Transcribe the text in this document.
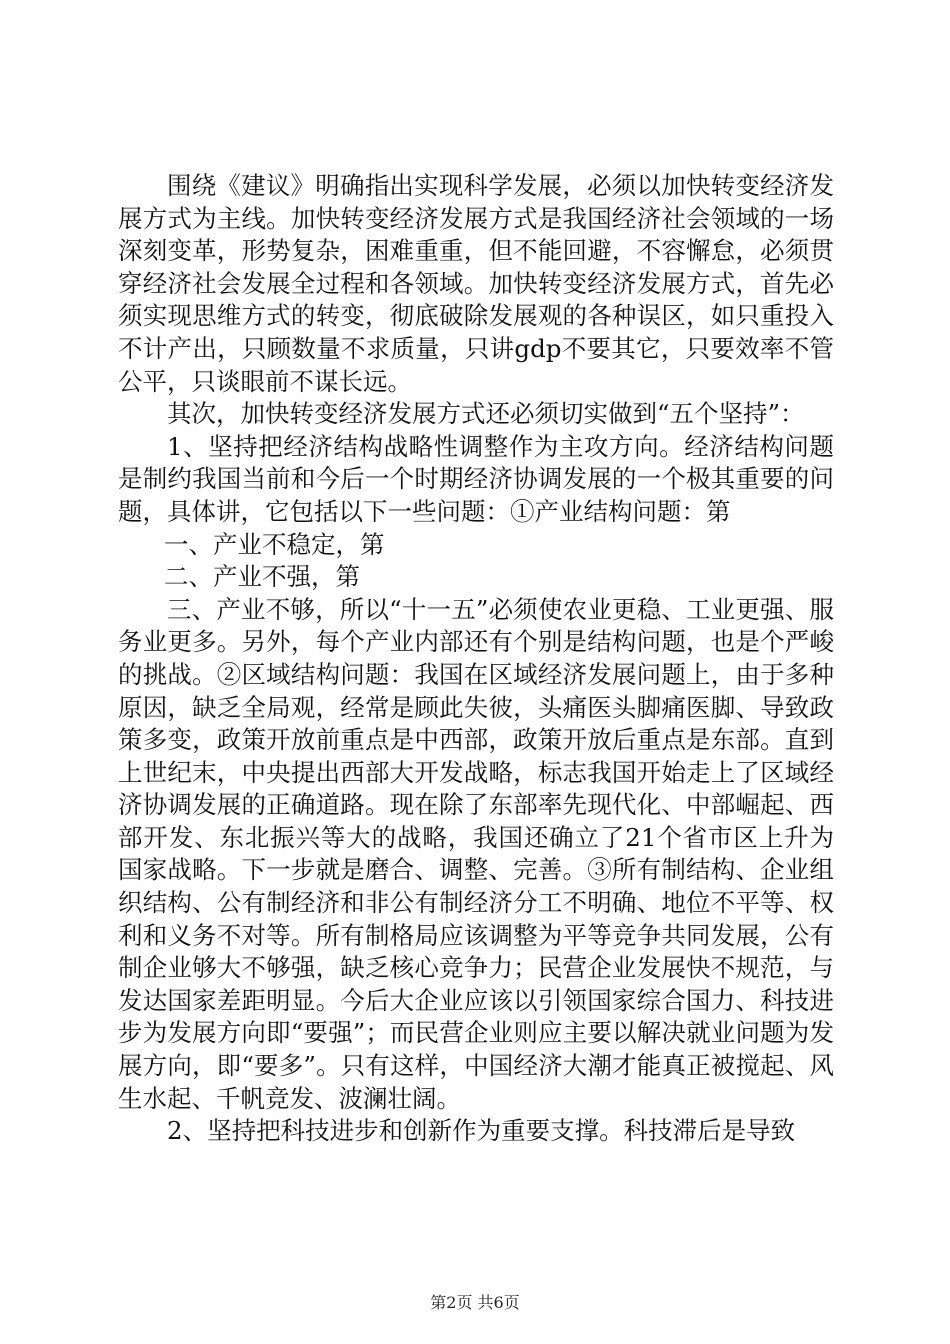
围绕《建议》明确指出实现科学发展，必须以加快转变经济发展方式为主线。加快转变经济发展方式是我国经济社会领域的一场深刻变革，形势复杂，困难重重，但不能回避，不容懈怠，必须贯穿经济社会发展全过程和各领域。加快转变经济发展方式，首先必须实现思维方式的转变，彻底破除发展观的各种误区，如只重投入不计产出，只顾数量不求质量，只讲gdp不要其它，只要效率不管公平，只谈眼前不谋长远。

其次，加快转变经济发展方式还必须切实做到“五个坚持”：

1、坚持把经济结构战略性调整作为主攻方向。经济结构问题是制约我国当前和今后一个时期经济协调发展的一个极其重要的问题，具体讲，它包括以下一些问题：①产业结构问题：第

一、产业不稳定，第

二、产业不强，第

三、产业不够，所以“十一五”必须使农业更稳、工业更强、服务业更多。另外，每个产业内部还有个别是结构问题，也是个严峻的挑战。②区域结构问题：我国在区域经济发展问题上，由于多种原因，缺乏全局观，经常是顾此失彼，头痛医头脚痛医脚、导致政策多变，政策开放前重点是中西部，政策开放后重点是东部。直到上世纪末，中央提出西部大开发战略，标志我国开始走上了区域经济协调发展的正确道路。现在除了东部率先现代化、中部崛起、西部开发、东北振兴等大的战略，我国还确立了21个省市区上升为国家战略。下一步就是磨合、调整、完善。③所有制结构、企业组织结构、公有制经济和非公有制经济分工不明确、地位不平等、权利和义务不对等。所有制格局应该调整为平等竞争共同发展，公有制企业够大不够强，缺乏核心竞争力；民营企业发展快不规范，与发达国家差距明显。今后大企业应该以引领国家综合国力、科技进步为发展方向即“要强”；而民营企业则应主要以解决就业问题为发展方向，即“要多”。只有这样，中国经济大潮才能真正被搅起、风生水起、千帆竞发、波澜壮阔。

2、坚持把科技进步和创新作为重要支撑。科技滞后是导致

第2页 共6页
